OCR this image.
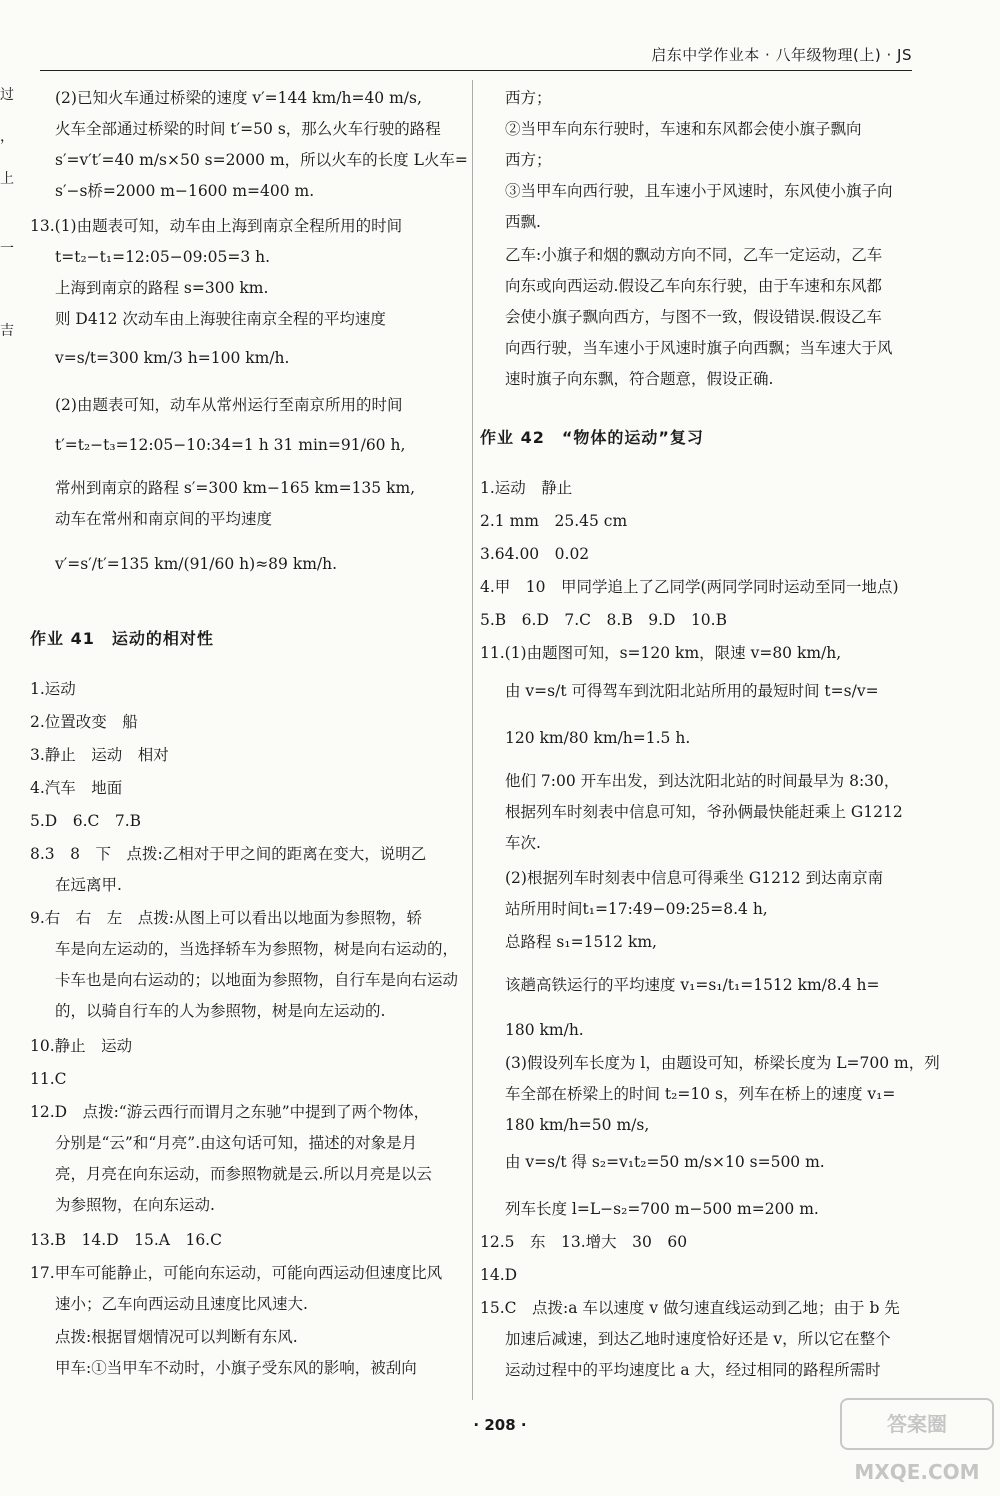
启东中学作业本 · 八年级物理(上) · JS
过
，
上
一
吉
(2)已知火车通过桥梁的速度 v′=144 km/h=40 m/s,
火车全部通过桥梁的时间 t′=50 s，那么火车行驶的路程
s′=v′t′=40 m/s×50 s=2000 m，所以火车的长度 L火车=
s′−s桥=2000 m−1600 m=400 m.
13.(1)由题表可知，动车由上海到南京全程所用的时间
t=t₂−t₁=12:05−09:05=3 h.
上海到南京的路程 s=300 km.
则 D412 次动车由上海驶往南京全程的平均速度
v=s/t=300 km/3 h=100 km/h.
(2)由题表可知，动车从常州运行至南京所用的时间
t′=t₂−t₃=12:05−10:34=1 h 31 min=91/60 h,
常州到南京的路程 s′=300 km−165 km=135 km,
动车在常州和南京间的平均速度
v′=s′/t′=135 km/(91/60 h)≈89 km/h.
作业 41　运动的相对性
1.运动
2.位置改变　船
3.静止　运动　相对
4.汽车　地面
5.D　6.C　7.B
8.3　8　下　点拨:乙相对于甲之间的距离在变大，说明乙
在远离甲.
9.右　右　左　点拨:从图上可以看出以地面为参照物，轿
车是向左运动的，当选择轿车为参照物，树是向右运动的，
卡车也是向右运动的；以地面为参照物，自行车是向右运动
的，以骑自行车的人为参照物，树是向左运动的.
10.静止　运动
11.C
12.D　点拨:“游云西行而谓月之东驰”中提到了两个物体，
分别是“云”和“月亮”.由这句话可知，描述的对象是月
亮，月亮在向东运动，而参照物就是云.所以月亮是以云
为参照物，在向东运动.
13.B　14.D　15.A　16.C
17.甲车可能静止，可能向东运动，可能向西运动但速度比风
速小；乙车向西运动且速度比风速大.
点拨:根据冒烟情况可以判断有东风.
甲车:①当甲车不动时，小旗子受东风的影响，被刮向
西方；
②当甲车向东行驶时，车速和东风都会使小旗子飘向
西方；
③当甲车向西行驶，且车速小于风速时，东风使小旗子向
西飘.
乙车:小旗子和烟的飘动方向不同，乙车一定运动，乙车
向东或向西运动.假设乙车向东行驶，由于车速和东风都
会使小旗子飘向西方，与图不一致，假设错误.假设乙车
向西行驶，当车速小于风速时旗子向西飘；当车速大于风
速时旗子向东飘，符合题意，假设正确.
作业 42　“物体的运动”复习
1.运动　静止
2.1 mm　25.45 cm
3.64.00　0.02
4.甲　10　甲同学追上了乙同学(两同学同时运动至同一地点)
5.B　6.D　7.C　8.B　9.D　10.B
11.(1)由题图可知，s=120 km，限速 v=80 km/h,
由 v=s/t 可得驾车到沈阳北站所用的最短时间 t=s/v=
120 km/80 km/h=1.5 h.
他们 7:00 开车出发，到达沈阳北站的时间最早为 8:30，
根据列车时刻表中信息可知，爷孙俩最快能赶乘上 G1212
车次.
(2)根据列车时刻表中信息可得乘坐 G1212 到达南京南
站所用时间t₁=17:49−09:25=8.4 h,
总路程 s₁=1512 km,
该趟高铁运行的平均速度 v₁=s₁/t₁=1512 km/8.4 h=
180 km/h.
(3)假设列车长度为 l，由题设可知，桥梁长度为 L=700 m，列
车全部在桥梁上的时间 t₂=10 s，列车在桥上的速度 v₁=
180 km/h=50 m/s,
由 v=s/t 得 s₂=v₁t₂=50 m/s×10 s=500 m.
列车长度 l=L−s₂=700 m−500 m=200 m.
12.5　东　13.增大　30　60
14.D
15.C　点拨:a 车以速度 v 做匀速直线运动到乙地；由于 b 先
加速后减速，到达乙地时速度恰好还是 v，所以它在整个
运动过程中的平均速度比 a 大，经过相同的路程所需时
· 208 ·	答案圈 MXQE.COM
